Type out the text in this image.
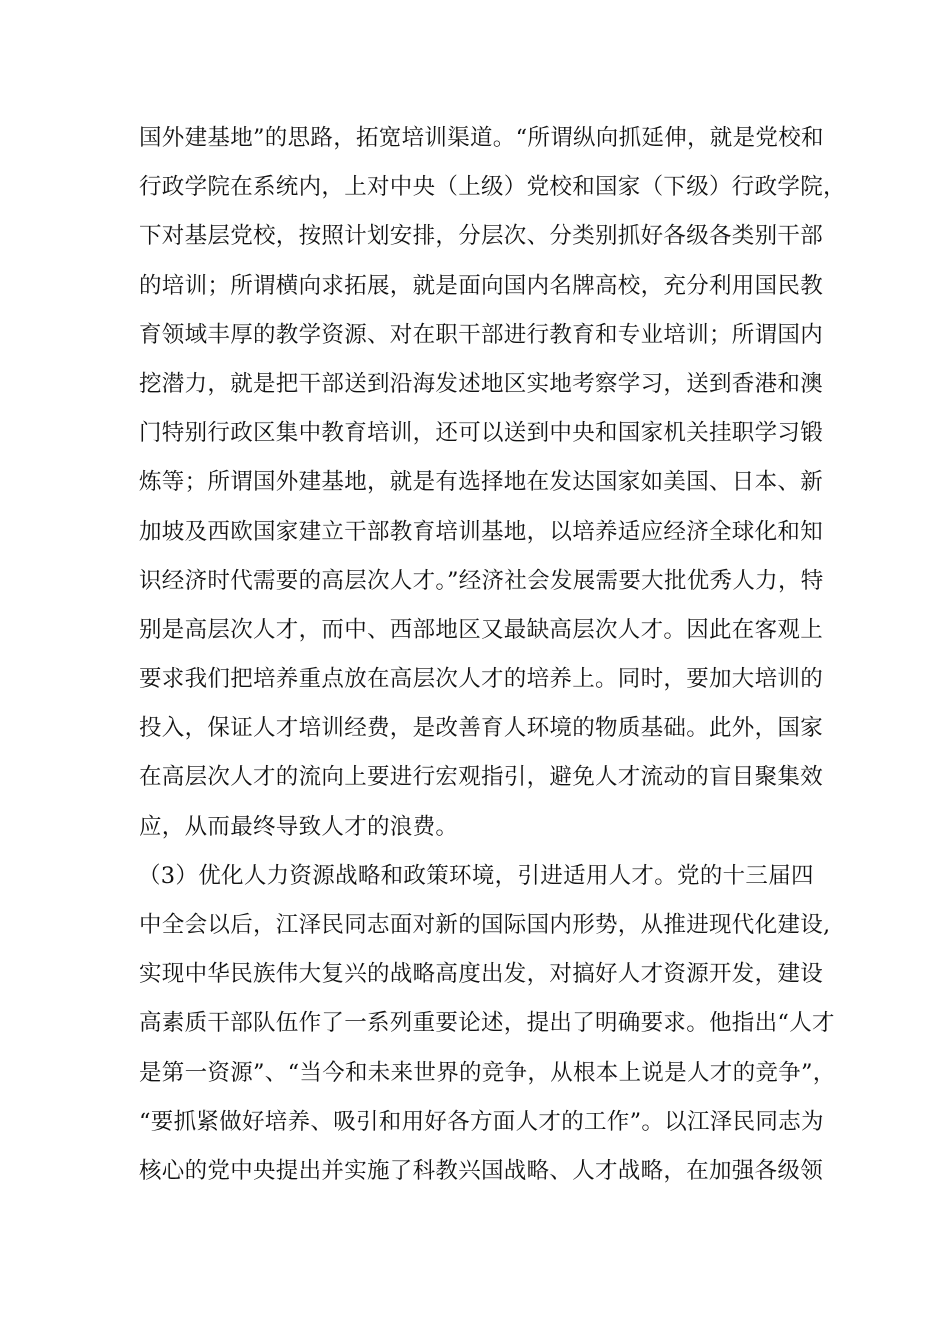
国外建基地”的思路，拓宽培训渠道。“所谓纵向抓延伸，就是党校和
行政学院在系统内，上对中央（上级）党校和国家（下级）行政学院，
下对基层党校，按照计划安排，分层次、分类别抓好各级各类别干部
的培训；所谓横向求拓展，就是面向国内名牌高校，充分利用国民教
育领域丰厚的教学资源、对在职干部进行教育和专业培训；所谓国内
挖潜力，就是把干部送到沿海发述地区实地考察学习，送到香港和澳
门特别行政区集中教育培训，还可以送到中央和国家机关挂职学习锻
炼等；所谓国外建基地，就是有选择地在发达国家如美国、日本、新
加坡及西欧国家建立干部教育培训基地，以培养适应经济全球化和知
识经济时代需要的高层次人才。”经济社会发展需要大批优秀人力，特
别是高层次人才，而中、西部地区又最缺高层次人才。因此在客观上
要求我们把培养重点放在高层次人才的培养上。同时，要加大培训的
投入，保证人才培训经费，是改善育人环境的物质基础。此外，国家
在高层次人才的流向上要进行宏观指引，避免人才流动的盲目聚集效
应，从而最终导致人才的浪费。
（3）优化人力资源战略和政策环境，引进适用人才。党的十三届四
中全会以后，江泽民同志面对新的国际国内形势，从推进现代化建设,
实现中华民族伟大复兴的战略高度出发，对搞好人才资源开发，建设
高素质干部队伍作了一系列重要论述，提出了明确要求。他指出“人才
是第一资源”、“当今和未来世界的竞争，从根本上说是人才的竞争”，
“要抓紧做好培养、吸引和用好各方面人才的工作”。以江泽民同志为
核心的党中央提出并实施了科教兴国战略、人才战略，在加强各级领
